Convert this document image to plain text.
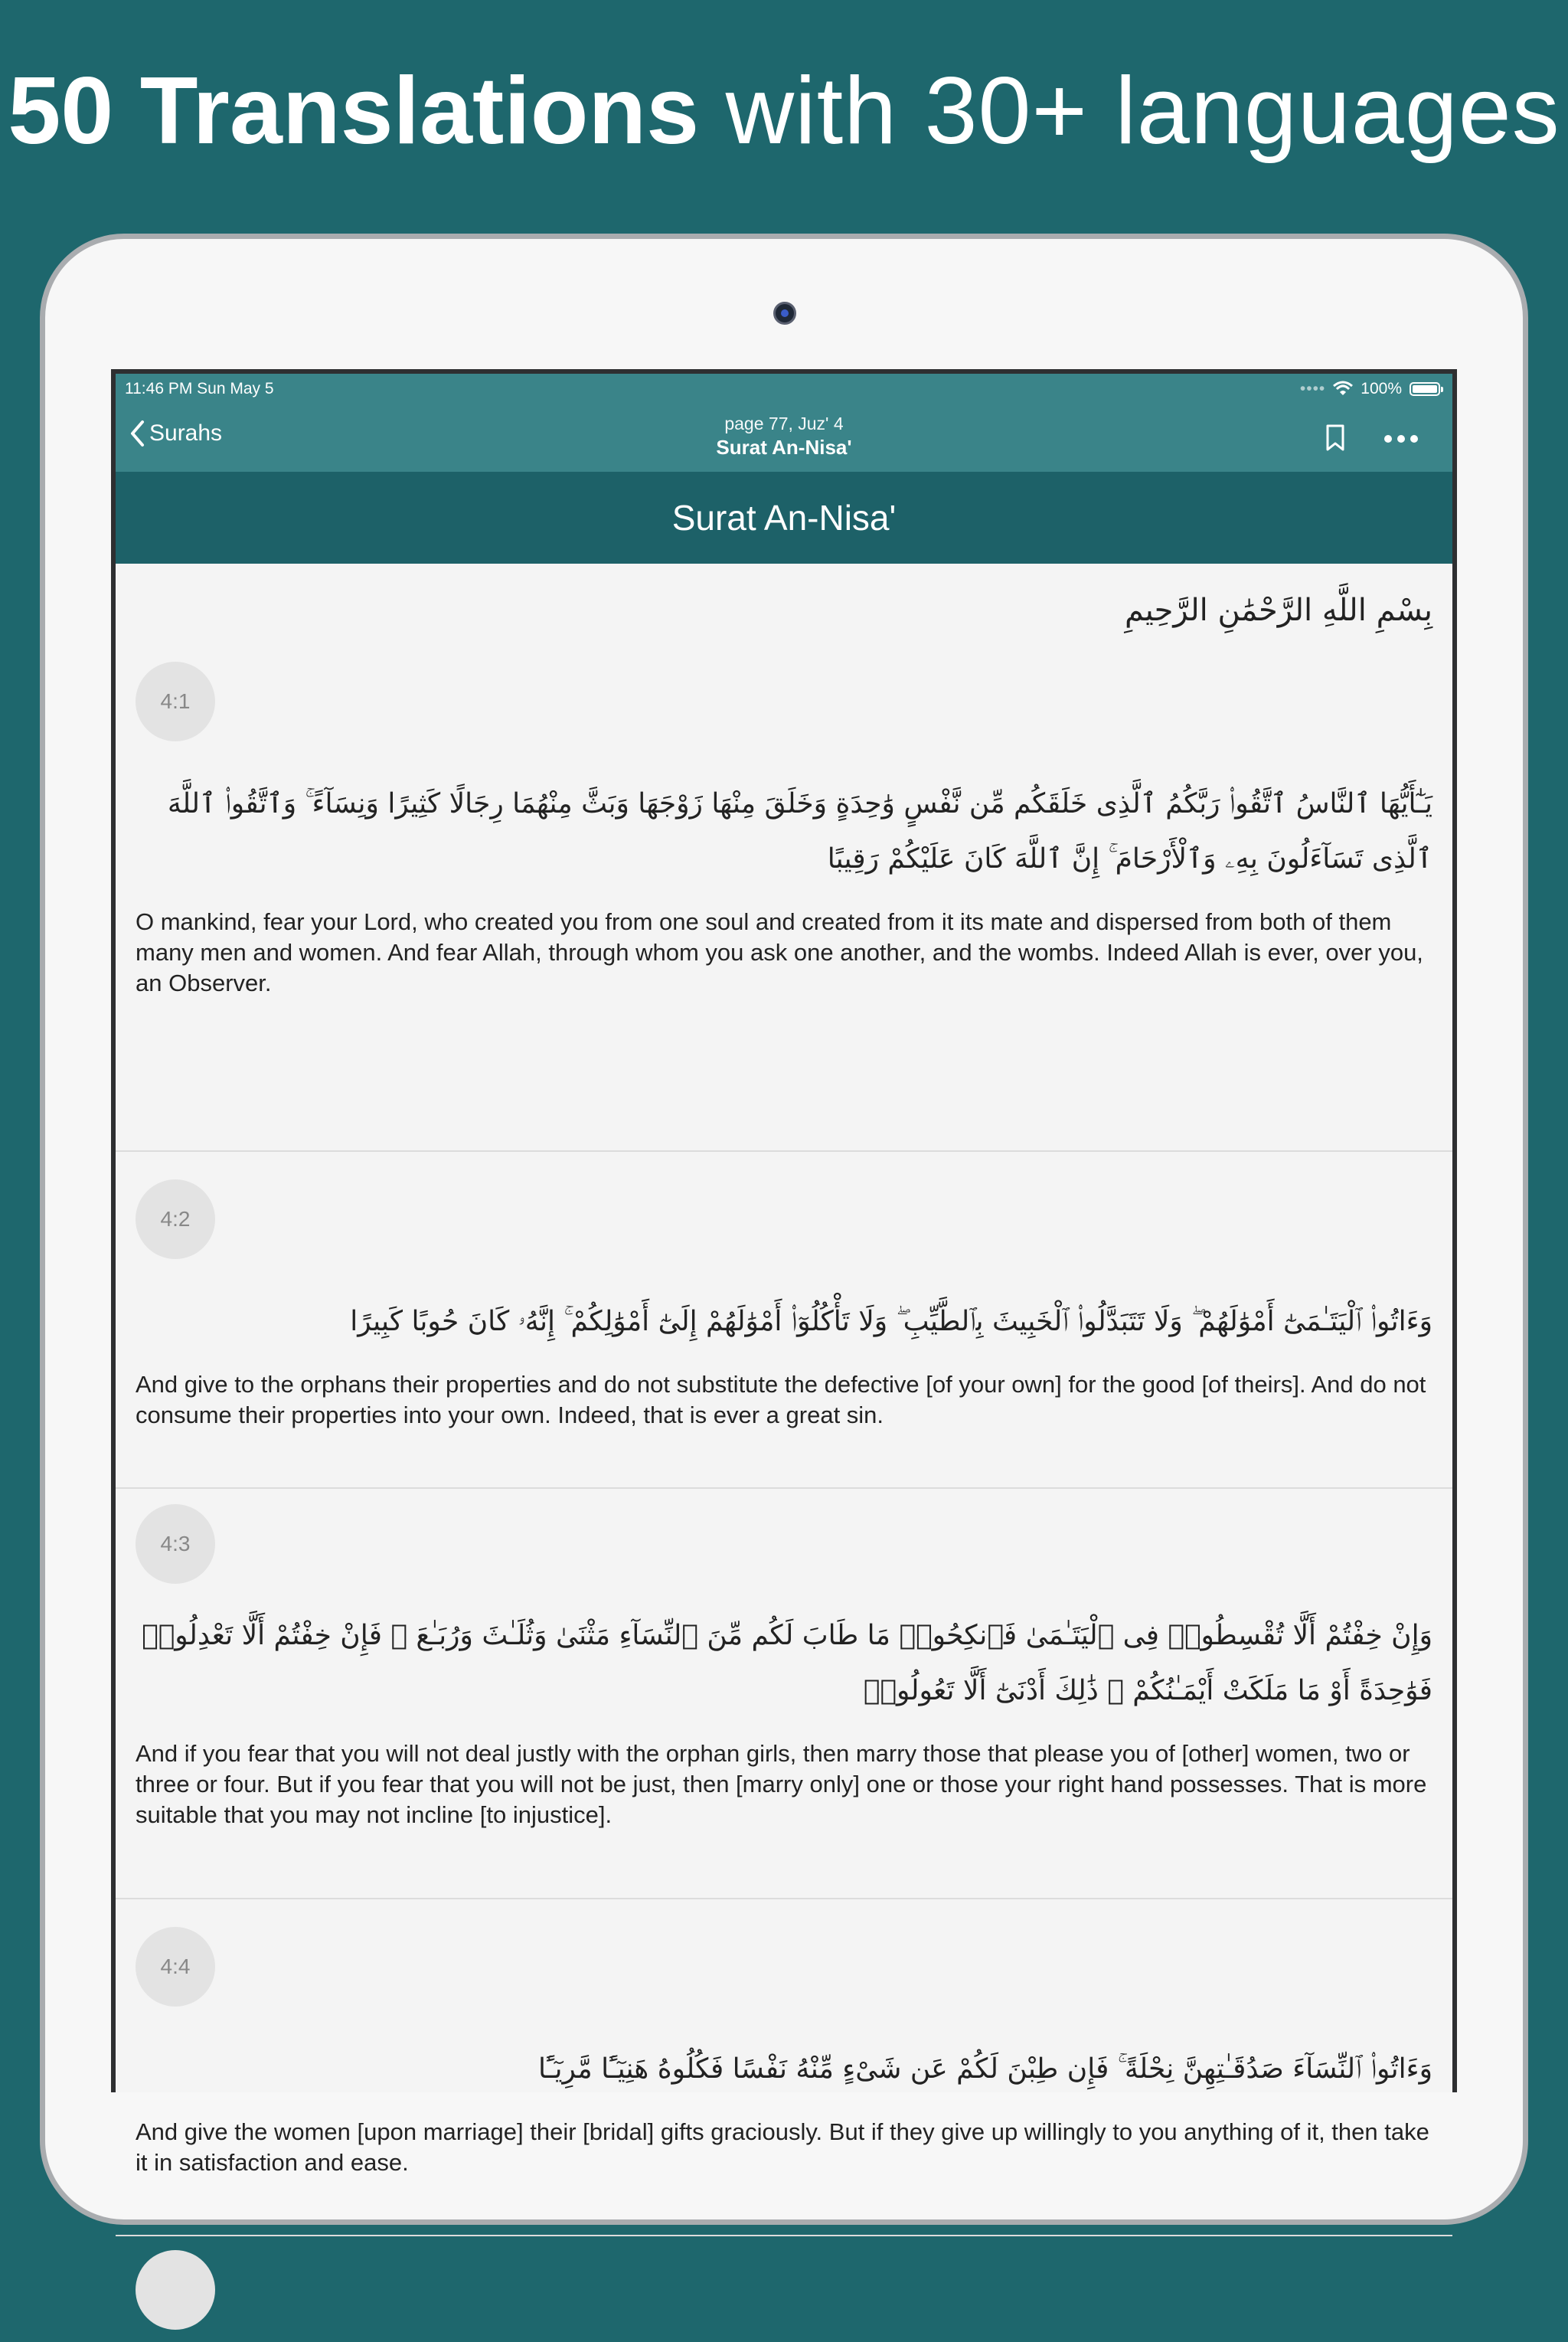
50 Translations with 30+ languages
11:46 PM Sun May 5	•••• 100%
Surahs	page 77, Juz' 4
Surat An-Nisa'
Surat An-Nisa'
بِسْمِ اللَّهِ الرَّحْمَٰنِ الرَّحِيمِ
4:1
يَـٰٓأَيُّهَا ٱلنَّاسُ ٱتَّقُوا۟ رَبَّكُمُ ٱلَّذِى خَلَقَكُم مِّن نَّفْسٍ وَٰحِدَةٍ وَخَلَقَ مِنْهَا زَوْجَهَا وَبَثَّ مِنْهُمَا رِجَالًا كَثِيرًا وَنِسَآءً ۚ وَٱتَّقُوا۟ ٱللَّهَ ٱلَّذِى تَسَآءَلُونَ بِهِۦ وَٱلْأَرْحَامَ ۚ إِنَّ ٱللَّهَ كَانَ عَلَيْكُمْ رَقِيبًا
O mankind, fear your Lord, who created you from one soul and created from it its mate and dispersed from both of them many men and women. And fear Allah, through whom you ask one another, and the wombs. Indeed Allah is ever, over you, an Observer.
4:2
وَءَاتُوا۟ ٱلْيَتَـٰمَىٰٓ أَمْوَٰلَهُمْ ۖ وَلَا تَتَبَدَّلُوا۟ ٱلْخَبِيثَ بِٱلطَّيِّبِ ۖ وَلَا تَأْكُلُوٓا۟ أَمْوَٰلَهُمْ إِلَىٰٓ أَمْوَٰلِكُمْ ۚ إِنَّهُۥ كَانَ حُوبًا كَبِيرًا
And give to the orphans their properties and do not substitute the defective [of your own] for the good [of theirs]. And do not consume their properties into your own. Indeed, that is ever a great sin.
4:3
وَإِنْ خِفْتُمْ أَلَّا تُقْسِطُوا۟ فِى ٱلْيَتَـٰمَىٰ فَٱنكِحُوا۟ مَا طَابَ لَكُم مِّنَ ٱلنِّسَآءِ مَثْنَىٰ وَثُلَـٰثَ وَرُبَـٰعَ ۖ فَإِنْ خِفْتُمْ أَلَّا تَعْدِلُوا۟ فَوَٰحِدَةً أَوْ مَا مَلَكَتْ أَيْمَـٰنُكُمْ ۚ ذَٰلِكَ أَدْنَىٰٓ أَلَّا تَعُولُوا۟
And if you fear that you will not deal justly with the orphan girls, then marry those that please you of [other] women, two or three or four. But if you fear that you will not be just, then [marry only] one or those your right hand possesses. That is more suitable that you may not incline [to injustice].
4:4
وَءَاتُوا۟ ٱلنِّسَآءَ صَدُقَـٰتِهِنَّ نِحْلَةً ۚ فَإِن طِبْنَ لَكُمْ عَن شَىْءٍ مِّنْهُ نَفْسًا فَكُلُوهُ هَنِيٓـًٔا مَّرِيٓـًٔا
And give the women [upon marriage] their [bridal] gifts graciously. But if they give up willingly to you anything of it, then take it in satisfaction and ease.
